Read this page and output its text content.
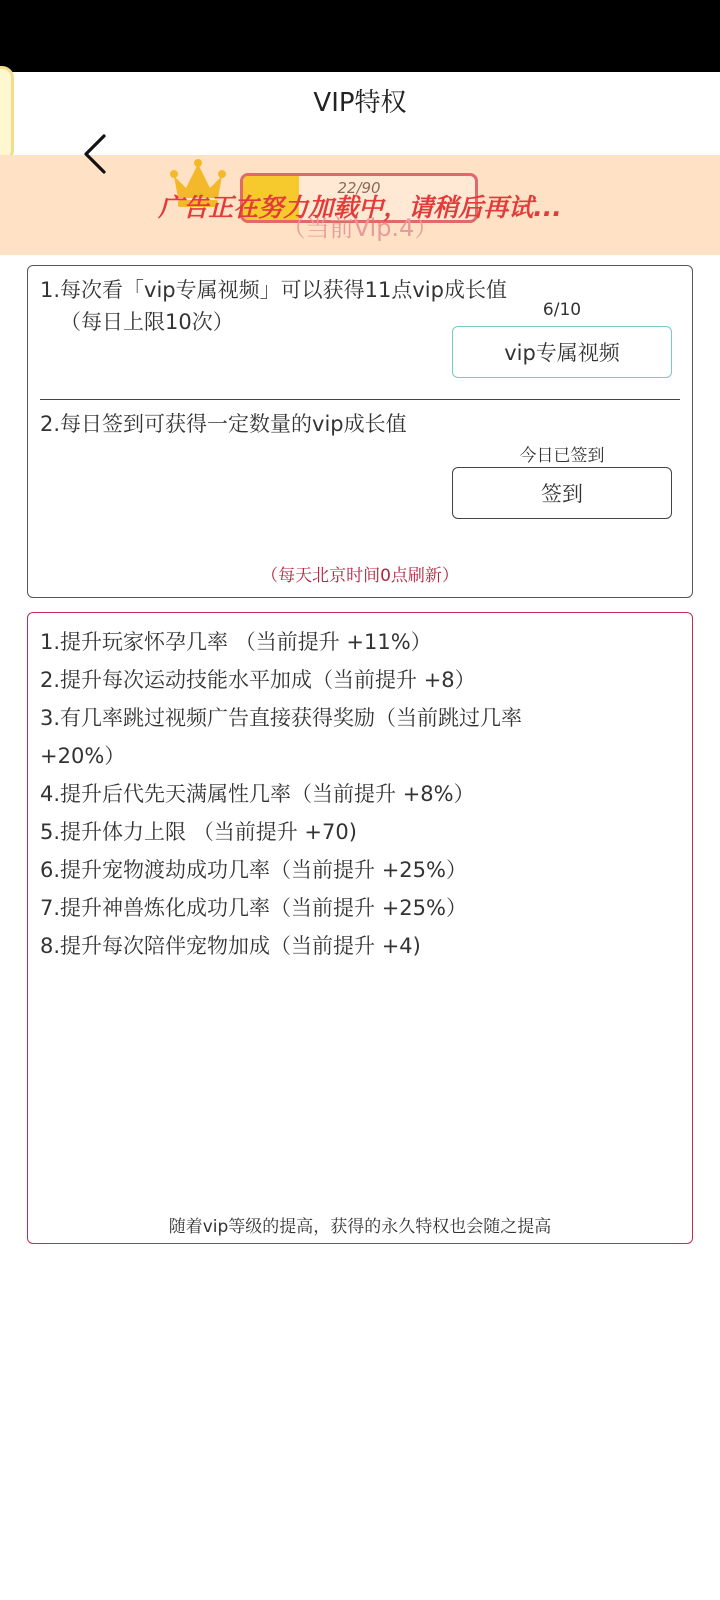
VIP特权
22/90
（当前Vip.4）
广告正在努力加载中，请稍后再试...
1.每次看「vip专属视频」可以获得11点vip成长值
（每日上限10次）	6/10
vip专属视频
2.每日签到可获得一定数量的vip成长值
今日已签到
签到
（每天北京时间0点刷新）
1.提升玩家怀孕几率 （当前提升 +11%）
2.提升每次运动技能水平加成（当前提升 +8）
3.有几率跳过视频广告直接获得奖励（当前跳过几率
+20%）
4.提升后代先天满属性几率（当前提升 +8%）
5.提升体力上限 （当前提升 +70)
6.提升宠物渡劫成功几率（当前提升 +25%）
7.提升神兽炼化成功几率（当前提升 +25%）
8.提升每次陪伴宠物加成（当前提升 +4)
随着vip等级的提高，获得的永久特权也会随之提高
